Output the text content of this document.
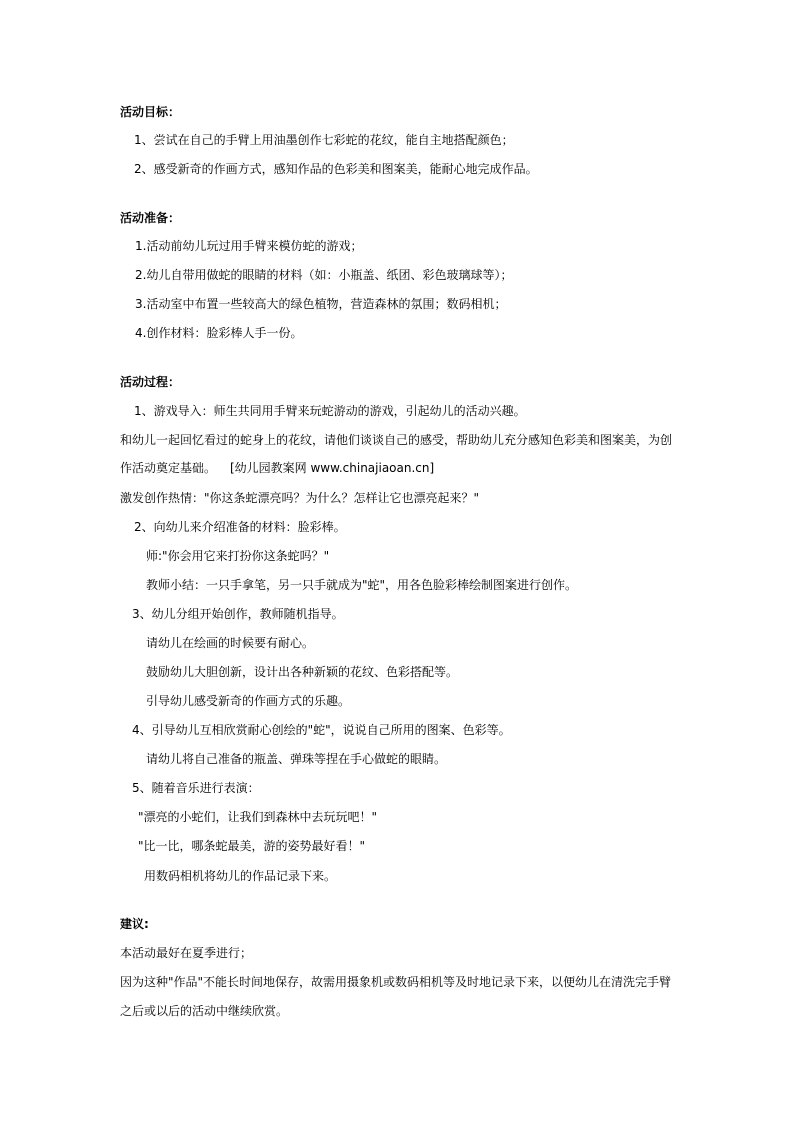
活动目标：
1、尝试在自己的手臂上用油墨创作七彩蛇的花纹，能自主地搭配颜色；
2、感受新奇的作画方式，感知作品的色彩美和图案美，能耐心地完成作品。
活动准备：
1.活动前幼儿玩过用手臂来模仿蛇的游戏；
2.幼儿自带用做蛇的眼睛的材料（如：小瓶盖、纸团、彩色玻璃球等）；
3.活动室中布置一些较高大的绿色植物，营造森林的氛围；数码相机；
4.创作材料：脸彩棒人手一份。
活动过程：
1、游戏导入：师生共同用手臂来玩蛇游动的游戏，引起幼儿的活动兴趣。
和幼儿一起回忆看过的蛇身上的花纹，请他们谈谈自己的感受，帮助幼儿充分感知色彩美和图案美，为创
作活动奠定基础。 [幼儿园教案网 www.chinajiaoan.cn]
激发创作热情："你这条蛇漂亮吗？为什么？怎样让它也漂亮起来？"
2、向幼儿来介绍准备的材料：脸彩棒。
师:"你会用它来打扮你这条蛇吗？"
教师小结：一只手拿笔，另一只手就成为"蛇"，用各色脸彩棒绘制图案进行创作。
3、幼儿分组开始创作，教师随机指导。
请幼儿在绘画的时候要有耐心。
鼓励幼儿大胆创新，设计出各种新颖的花纹、色彩搭配等。
引导幼儿感受新奇的作画方式的乐趣。
4、引导幼儿互相欣赏耐心创绘的"蛇"，说说自己所用的图案、色彩等。
请幼儿将自己准备的瓶盖、弹珠等捏在手心做蛇的眼睛。
5、随着音乐进行表演：
"漂亮的小蛇们，让我们到森林中去玩玩吧！"
"比一比，哪条蛇最美，游的姿势最好看！"
用数码相机将幼儿的作品记录下来。
建议:
本活动最好在夏季进行；
因为这种"作品"不能长时间地保存，故需用摄象机或数码相机等及时地记录下来，以便幼儿在清洗完手臂
之后或以后的活动中继续欣赏。
